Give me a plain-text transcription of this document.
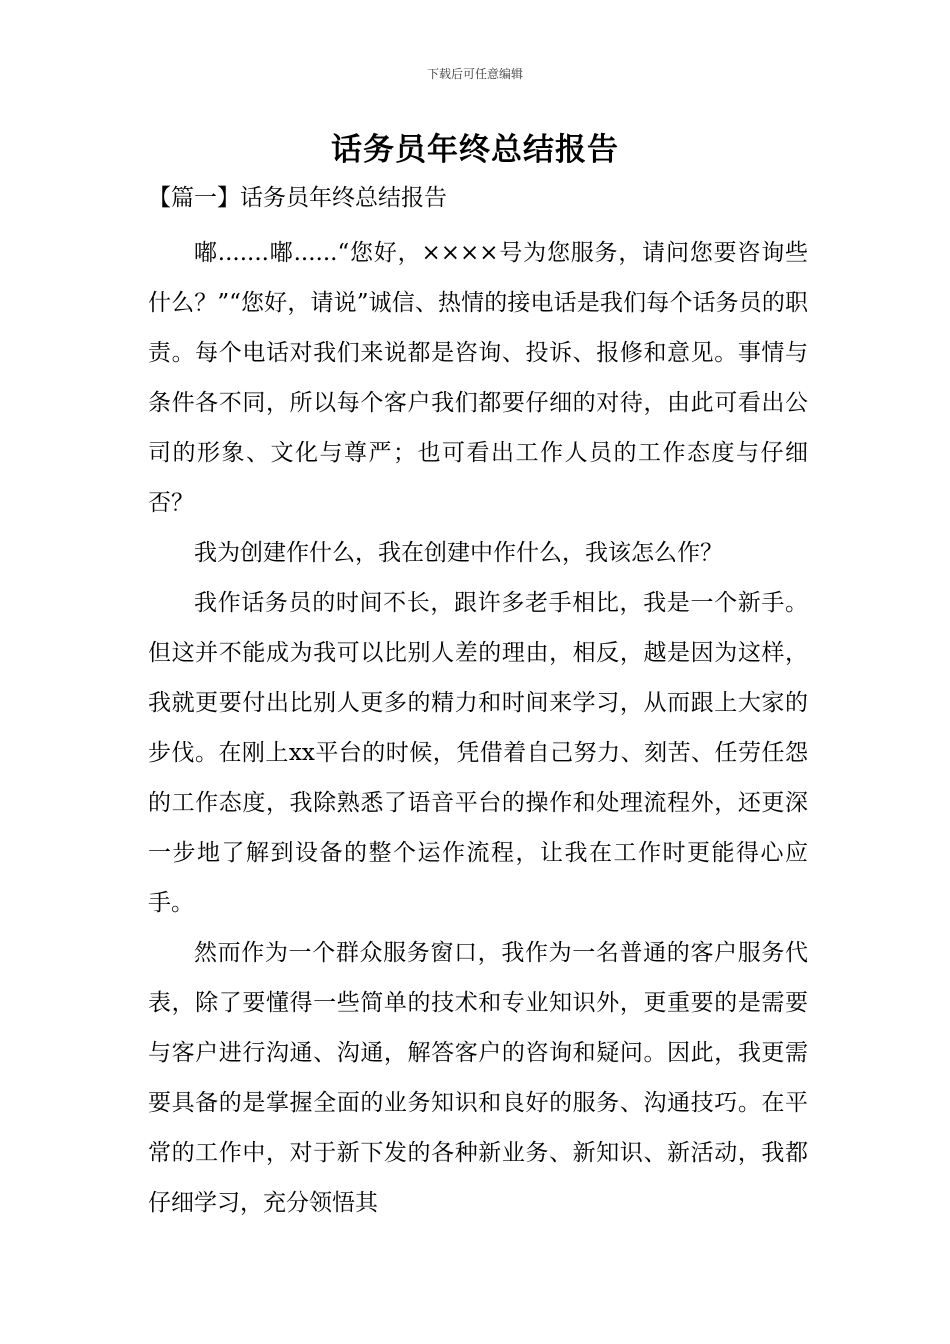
下载后可任意编辑
话务员年终总结报告
【篇一】话务员年终总结报告

嘟.......嘟......“您好，××××号为您服务，请问您要咨询些什么？”“您好，请说”诚信、热情的接电话是我们每个话务员的职责。每个电话对我们来说都是咨询、投诉、报修和意见。事情与条件各不同，所以每个客户我们都要仔细的对待，由此可看出公司的形象、文化与尊严；也可看出工作人员的工作态度与仔细否？

我为创建作什么，我在创建中作什么，我该怎么作？

我作话务员的时间不长，跟许多老手相比，我是一个新手。但这并不能成为我可以比别人差的理由，相反，越是因为这样，我就更要付出比别人更多的精力和时间来学习，从而跟上大家的步伐。在刚上xx平台的时候，凭借着自己努力、刻苦、任劳任怨的工作态度，我除熟悉了语音平台的操作和处理流程外，还更深一步地了解到设备的整个运作流程，让我在工作时更能得心应手。

然而作为一个群众服务窗口，我作为一名普通的客户服务代表，除了要懂得一些简单的技术和专业知识外，更重要的是需要与客户进行沟通、沟通，解答客户的咨询和疑问。因此，我更需要具备的是掌握全面的业务知识和良好的服务、沟通技巧。在平常的工作中，对于新下发的各种新业务、新知识、新活动，我都仔细学习，充分领悟其
